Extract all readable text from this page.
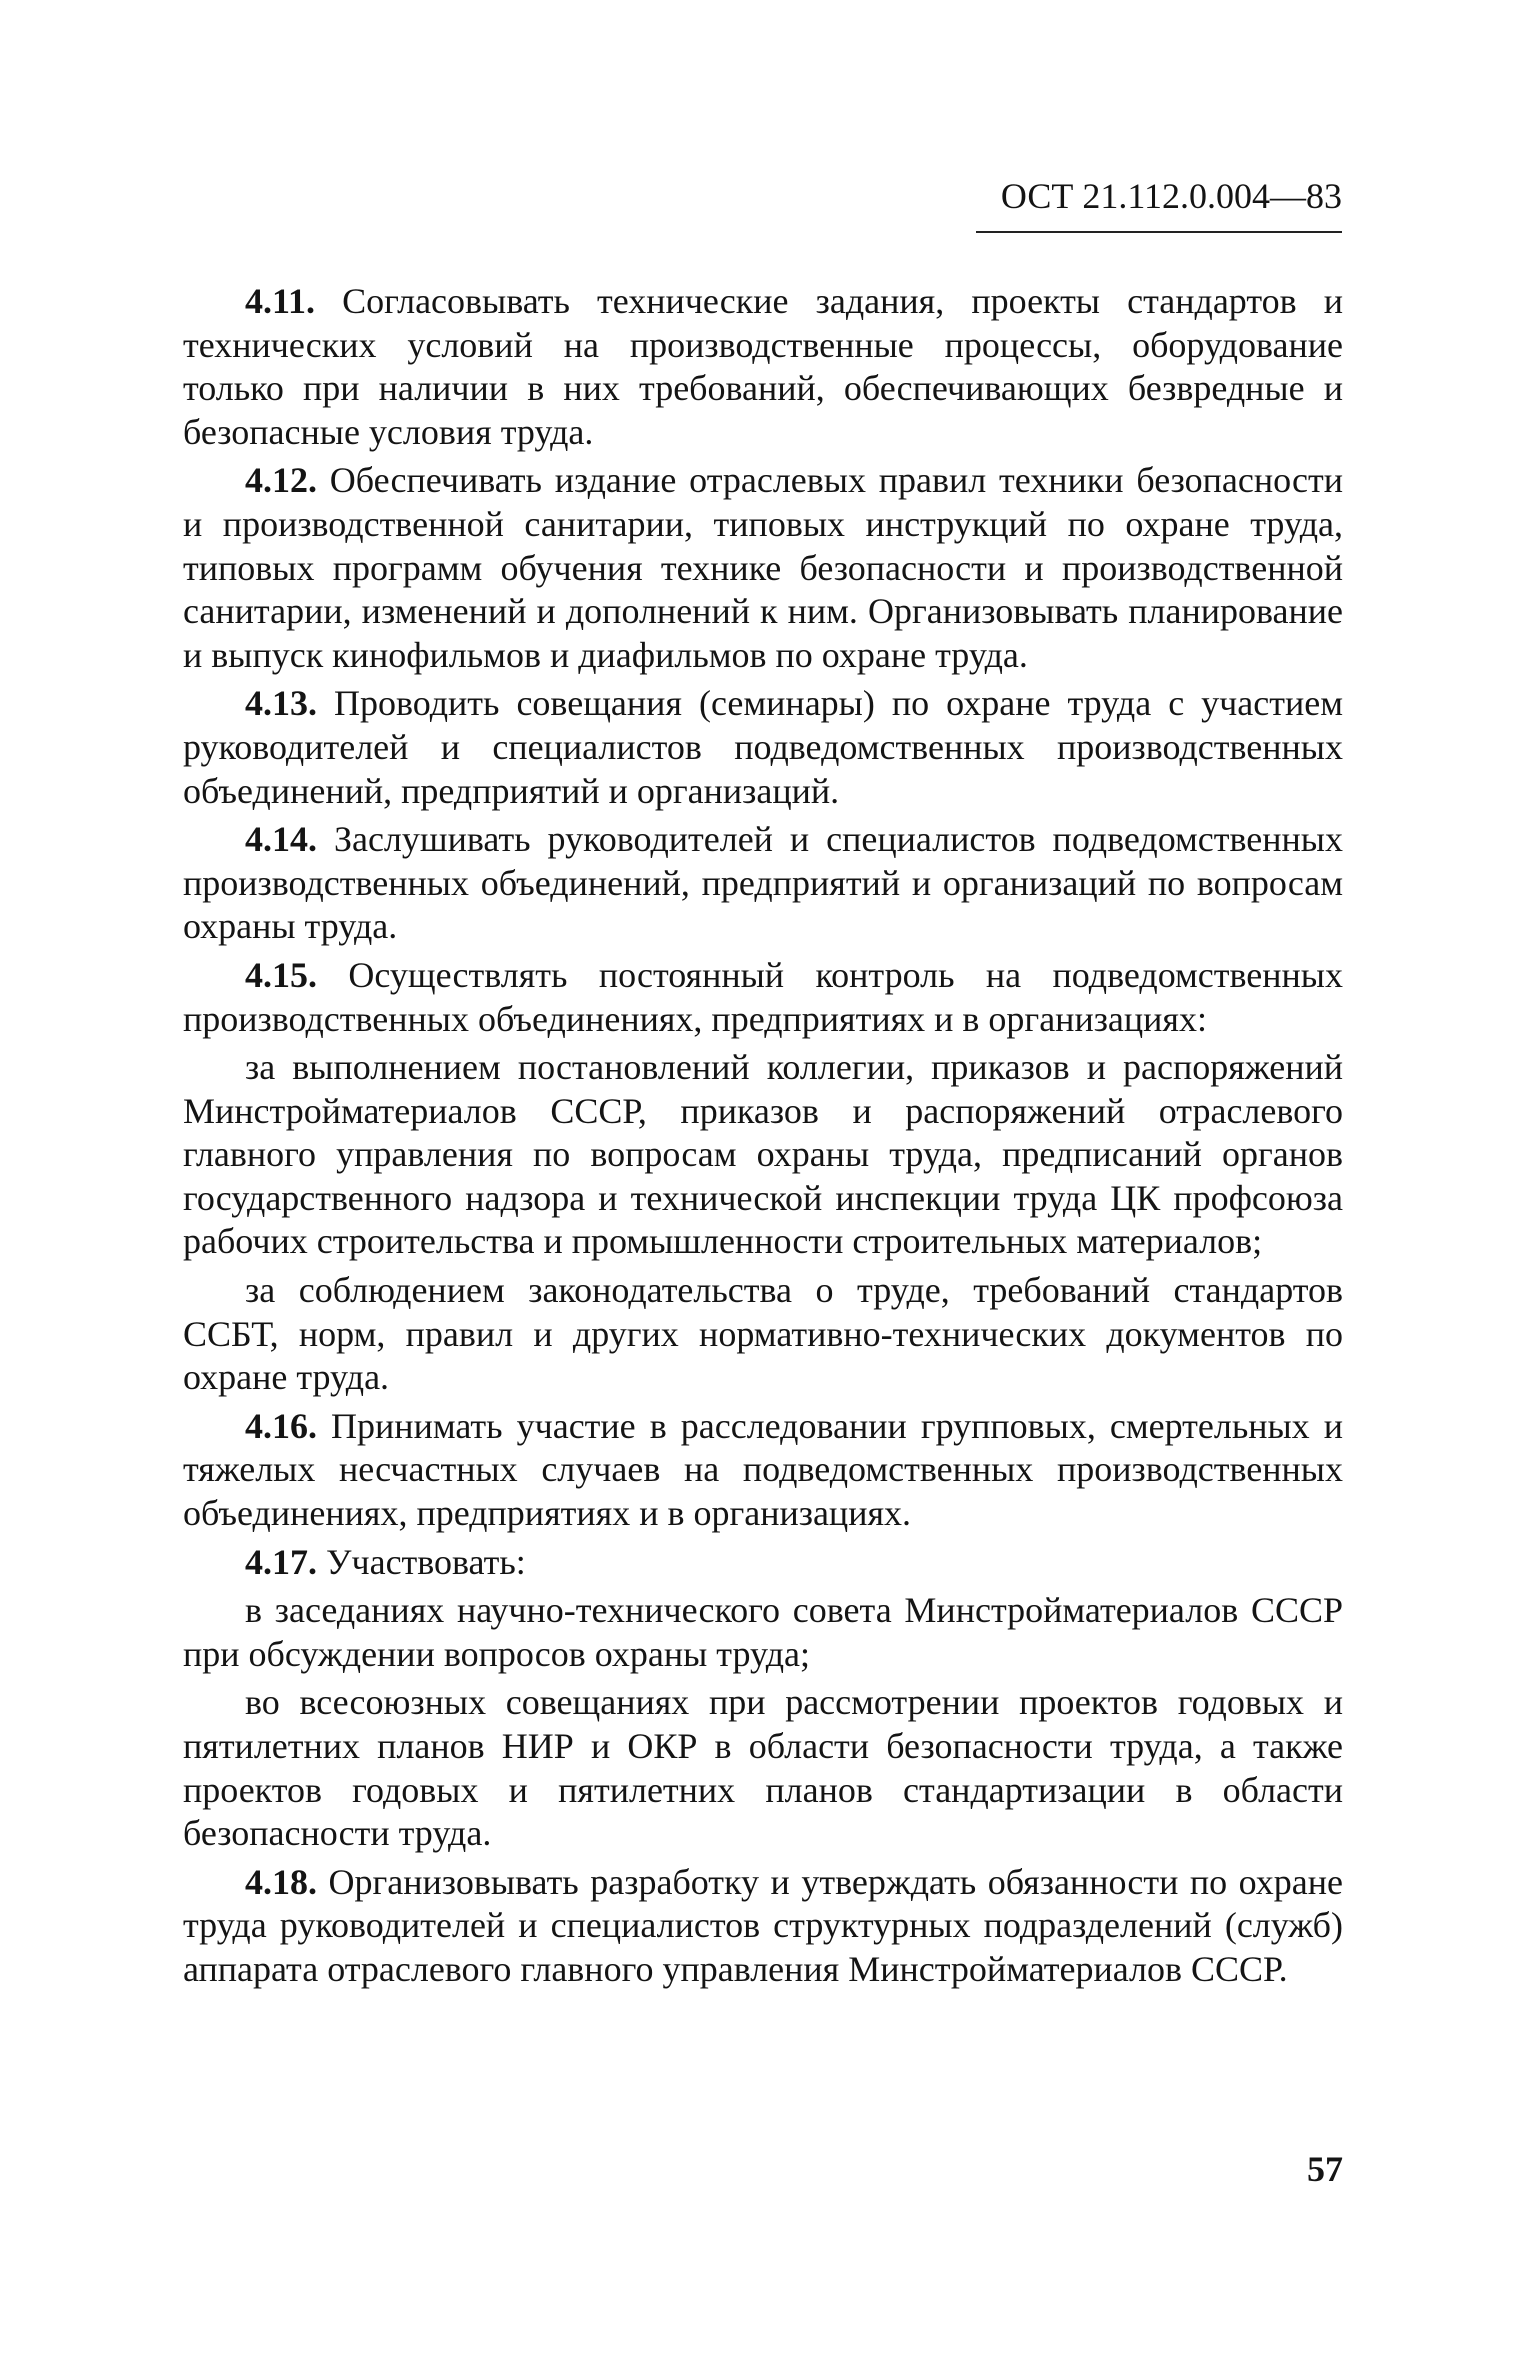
ОСТ 21.112.0.004—83

4.11. Согласовывать технические задания, проекты стандартов и технических условий на производственные процессы, оборудование только при наличии в них требований, обеспечивающих безвредные и безопасные условия труда.

4.12. Обеспечивать издание отраслевых правил техники безопасности и производственной санитарии, типовых инструкций по охране труда, типовых программ обучения технике безопасности и производственной санитарии, изменений и дополнений к ним. Организовывать планирование и выпуск кинофильмов и диафильмов по охране труда.

4.13. Проводить совещания (семинары) по охране труда с участием руководителей и специалистов подведомственных производственных объединений, предприятий и организаций.

4.14. Заслушивать руководителей и специалистов подведомственных производственных объединений, предприятий и организаций по вопросам охраны труда.

4.15. Осуществлять постоянный контроль на подведомственных производственных объединениях, предприятиях и в организациях:

за выполнением постановлений коллегии, приказов и распоряжений Минстройматериалов СССР, приказов и распоряжений отраслевого главного управления по вопросам охраны труда, предписаний органов государственного надзора и технической инспекции труда ЦК профсоюза рабочих строительства и промышленности строительных материалов;

за соблюдением законодательства о труде, требований стандартов ССБТ, норм, правил и других нормативно-технических документов по охране труда.

4.16. Принимать участие в расследовании групповых, смертельных и тяжелых несчастных случаев на подведомственных производственных объединениях, предприятиях и в организациях.

4.17. Участвовать:

в заседаниях научно-технического совета Минстройматериалов СССР при обсуждении вопросов охраны труда;

во всесоюзных совещаниях при рассмотрении проектов годовых и пятилетних планов НИР и ОКР в области безопасности труда, а также проектов годовых и пятилетних планов стандартизации в области безопасности труда.

4.18. Организовывать разработку и утверждать обязанности по охране труда руководителей и специалистов структурных подразделений (служб) аппарата отраслевого главного управления Минстройматериалов СССР.

57
